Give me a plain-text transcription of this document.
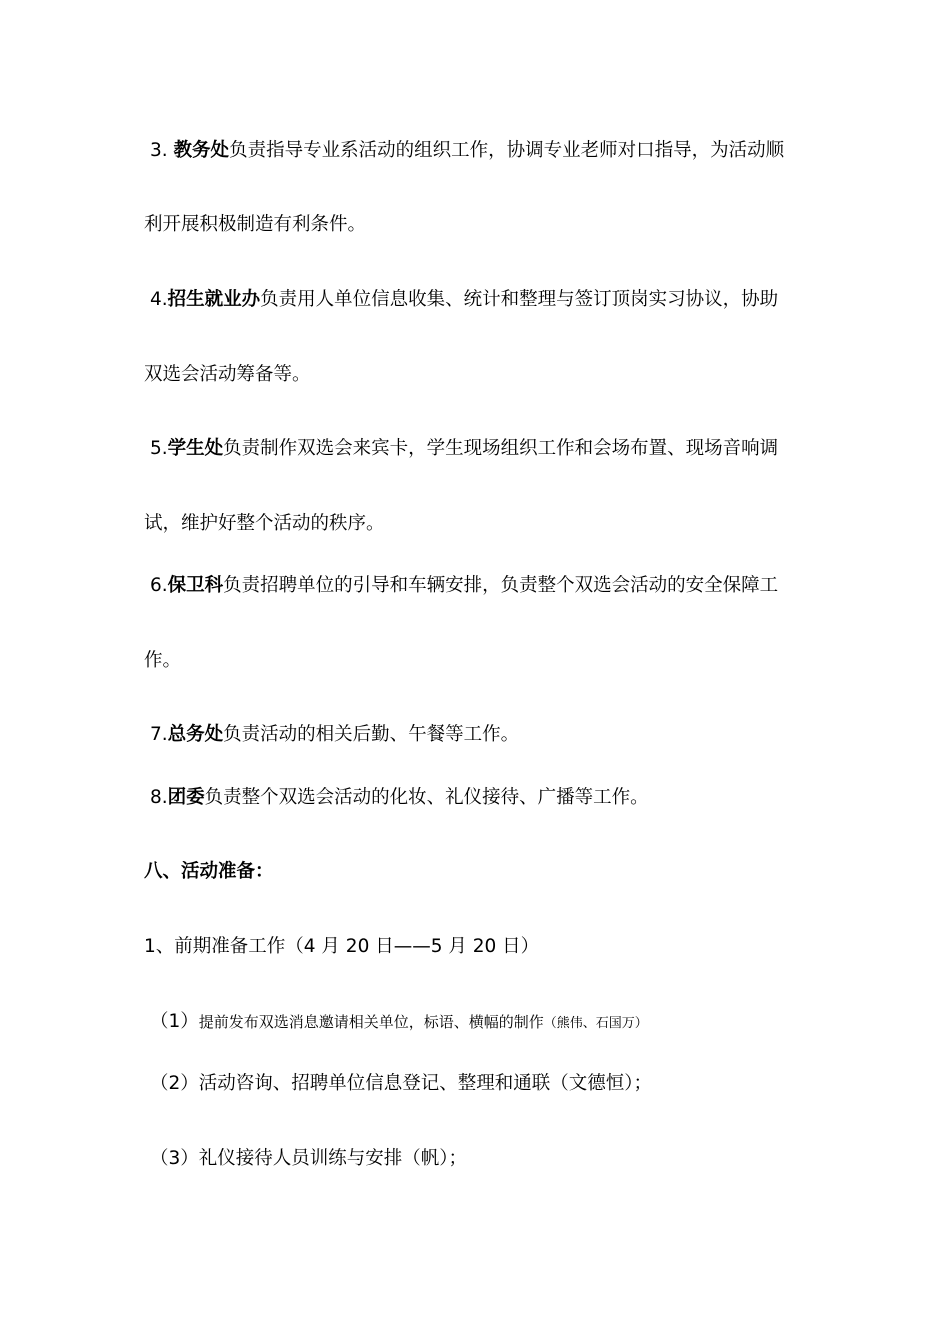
3. 教务处负责指导专业系活动的组织工作，协调专业老师对口指导，为活动顺
利开展积极制造有利条件。
4.招生就业办负责用人单位信息收集、统计和整理与签订顶岗实习协议，协助
双选会活动筹备等。
5.学生处负责制作双选会来宾卡，学生现场组织工作和会场布置、现场音响调
试，维护好整个活动的秩序。
6.保卫科负责招聘单位的引导和车辆安排，负责整个双选会活动的安全保障工
作。
7.总务处负责活动的相关后勤、午餐等工作。
8.团委负责整个双选会活动的化妆、礼仪接待、广播等工作。
八、活动准备：
1、前期准备工作（4 月 20 日——5 月 20 日）
（1）提前发布双选消息邀请相关单位，标语、横幅的制作（熊伟、石国万）
（2）活动咨询、招聘单位信息登记、整理和通联（文德恒）；
（3）礼仪接待人员训练与安排（帆）；
